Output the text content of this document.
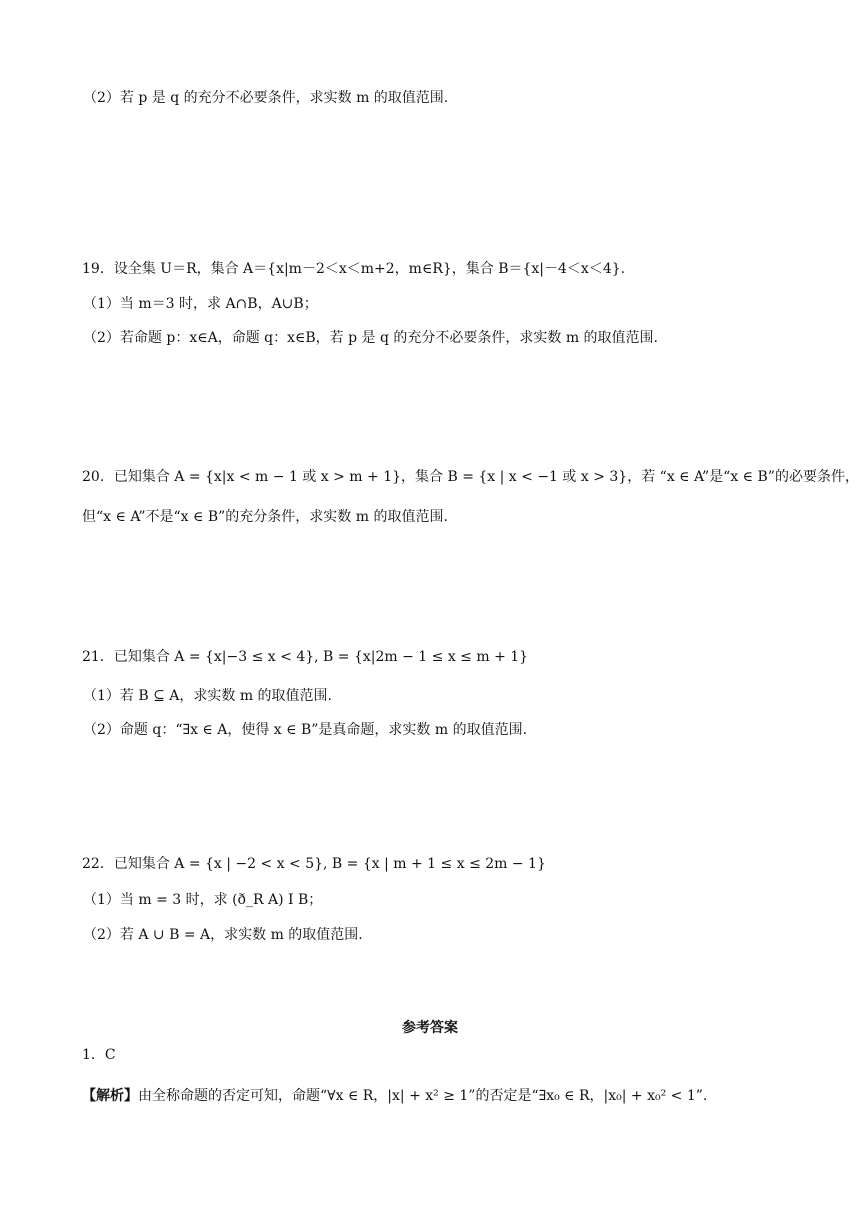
（2）若 p 是 q 的充分不必要条件，求实数 m 的取值范围.
19．设全集 U＝R，集合 A＝{x|m－2＜x＜m+2，m∈R}，集合 B＝{x|－4＜x＜4}.
（1）当 m＝3 时，求 A∩B，A∪B；
（2）若命题 p：x∈A，命题 q：x∈B，若 p 是 q 的充分不必要条件，求实数 m 的取值范围.
20．已知集合 A = {x|x < m − 1 或 x > m + 1}，集合 B = {x | x < −1 或 x > 3}，若 “x ∈ A”是“x ∈ B”的必要条件，
但“x ∈ A”不是“x ∈ B”的充分条件，求实数 m 的取值范围.
21．已知集合 A = {x|−3 ≤ x < 4}, B = {x|2m − 1 ≤ x ≤ m + 1}
（1）若 B ⊆ A，求实数 m 的取值范围.
（2）命题 q：“∃x ∈ A，使得 x ∈ B”是真命题，求实数 m 的取值范围.
22．已知集合 A = {x | −2 < x < 5}, B = {x | m + 1 ≤ x ≤ 2m − 1}
（1）当 m = 3 时，求 (ð_R A) I B；
（2）若 A ∪ B = A，求实数 m 的取值范围.
参考答案
1．C
【解析】由全称命题的否定可知，命题“∀x ∈ R，|x| + x² ≥ 1”的否定是“∃x₀ ∈ R，|x₀| + x₀² < 1”.
